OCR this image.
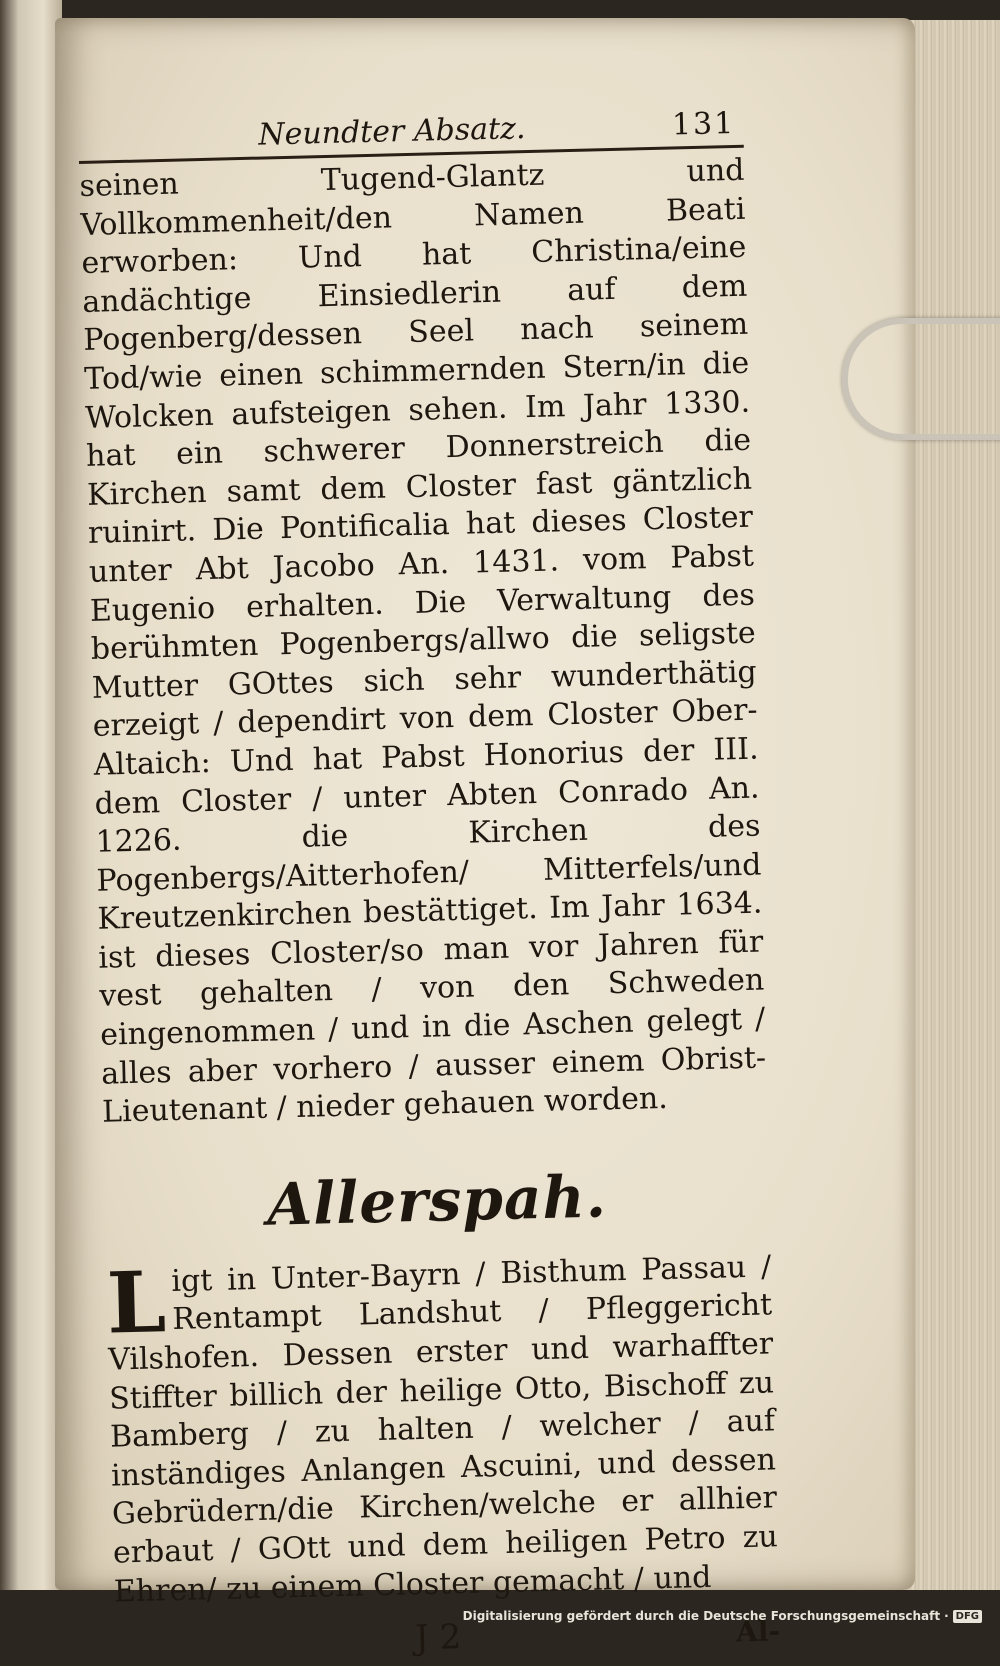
Neundter Absatz.	131

seinen Tugend-Glantz und Vollkommenheit/den Namen Beati erworben: Und hat Christina/eine andächtige Einsiedlerin auf dem Pogenberg/dessen Seel nach seinem Tod/wie einen schimmernden Stern/in die Wolcken aufsteigen sehen. Im Jahr 1330. hat ein schwerer Donnerstreich die Kirchen samt dem Closter fast gäntzlich ruinirt. Die Pontificalia hat dieses Closter unter Abt Jacobo An. 1431. vom Pabst Eugenio erhalten. Die Verwaltung des berühmten Pogenbergs/allwo die seligste Mutter GOttes sich sehr wunderthätig erzeigt / dependirt von dem Closter Ober-Altaich: Und hat Pabst Honorius der III. dem Closter / unter Abten Conrado An. 1226. die Kirchen des Pogenbergs/Aitterhofen/ Mitterfels/und Kreutzenkirchen bestättiget. Im Jahr 1634. ist dieses Closter/so man vor Jahren für vest gehalten / von den Schweden eingenommen / und in die Aschen gelegt / alles aber vorhero / ausser einem Obrist-Lieutenant / nieder gehauen worden.

Allerspah.

Ligt in Unter-Bayrn / Bisthum Passau / Rentampt Landshut / Pfleggericht Vilshofen. Dessen erster und warhaffter Stiffter billich der heilige Otto, Bischoff zu Bamberg / zu halten / welcher / auf inständiges Anlangen Ascuini, und dessen Gebrüdern/die Kirchen/welche er allhier erbaut / GOtt und dem heiligen Petro zu Ehren/ zu einem Closter gemacht / und

J 2	Al-
Digitalisierung gefördert durch die Deutsche Forschungsgemeinschaft · DFG
